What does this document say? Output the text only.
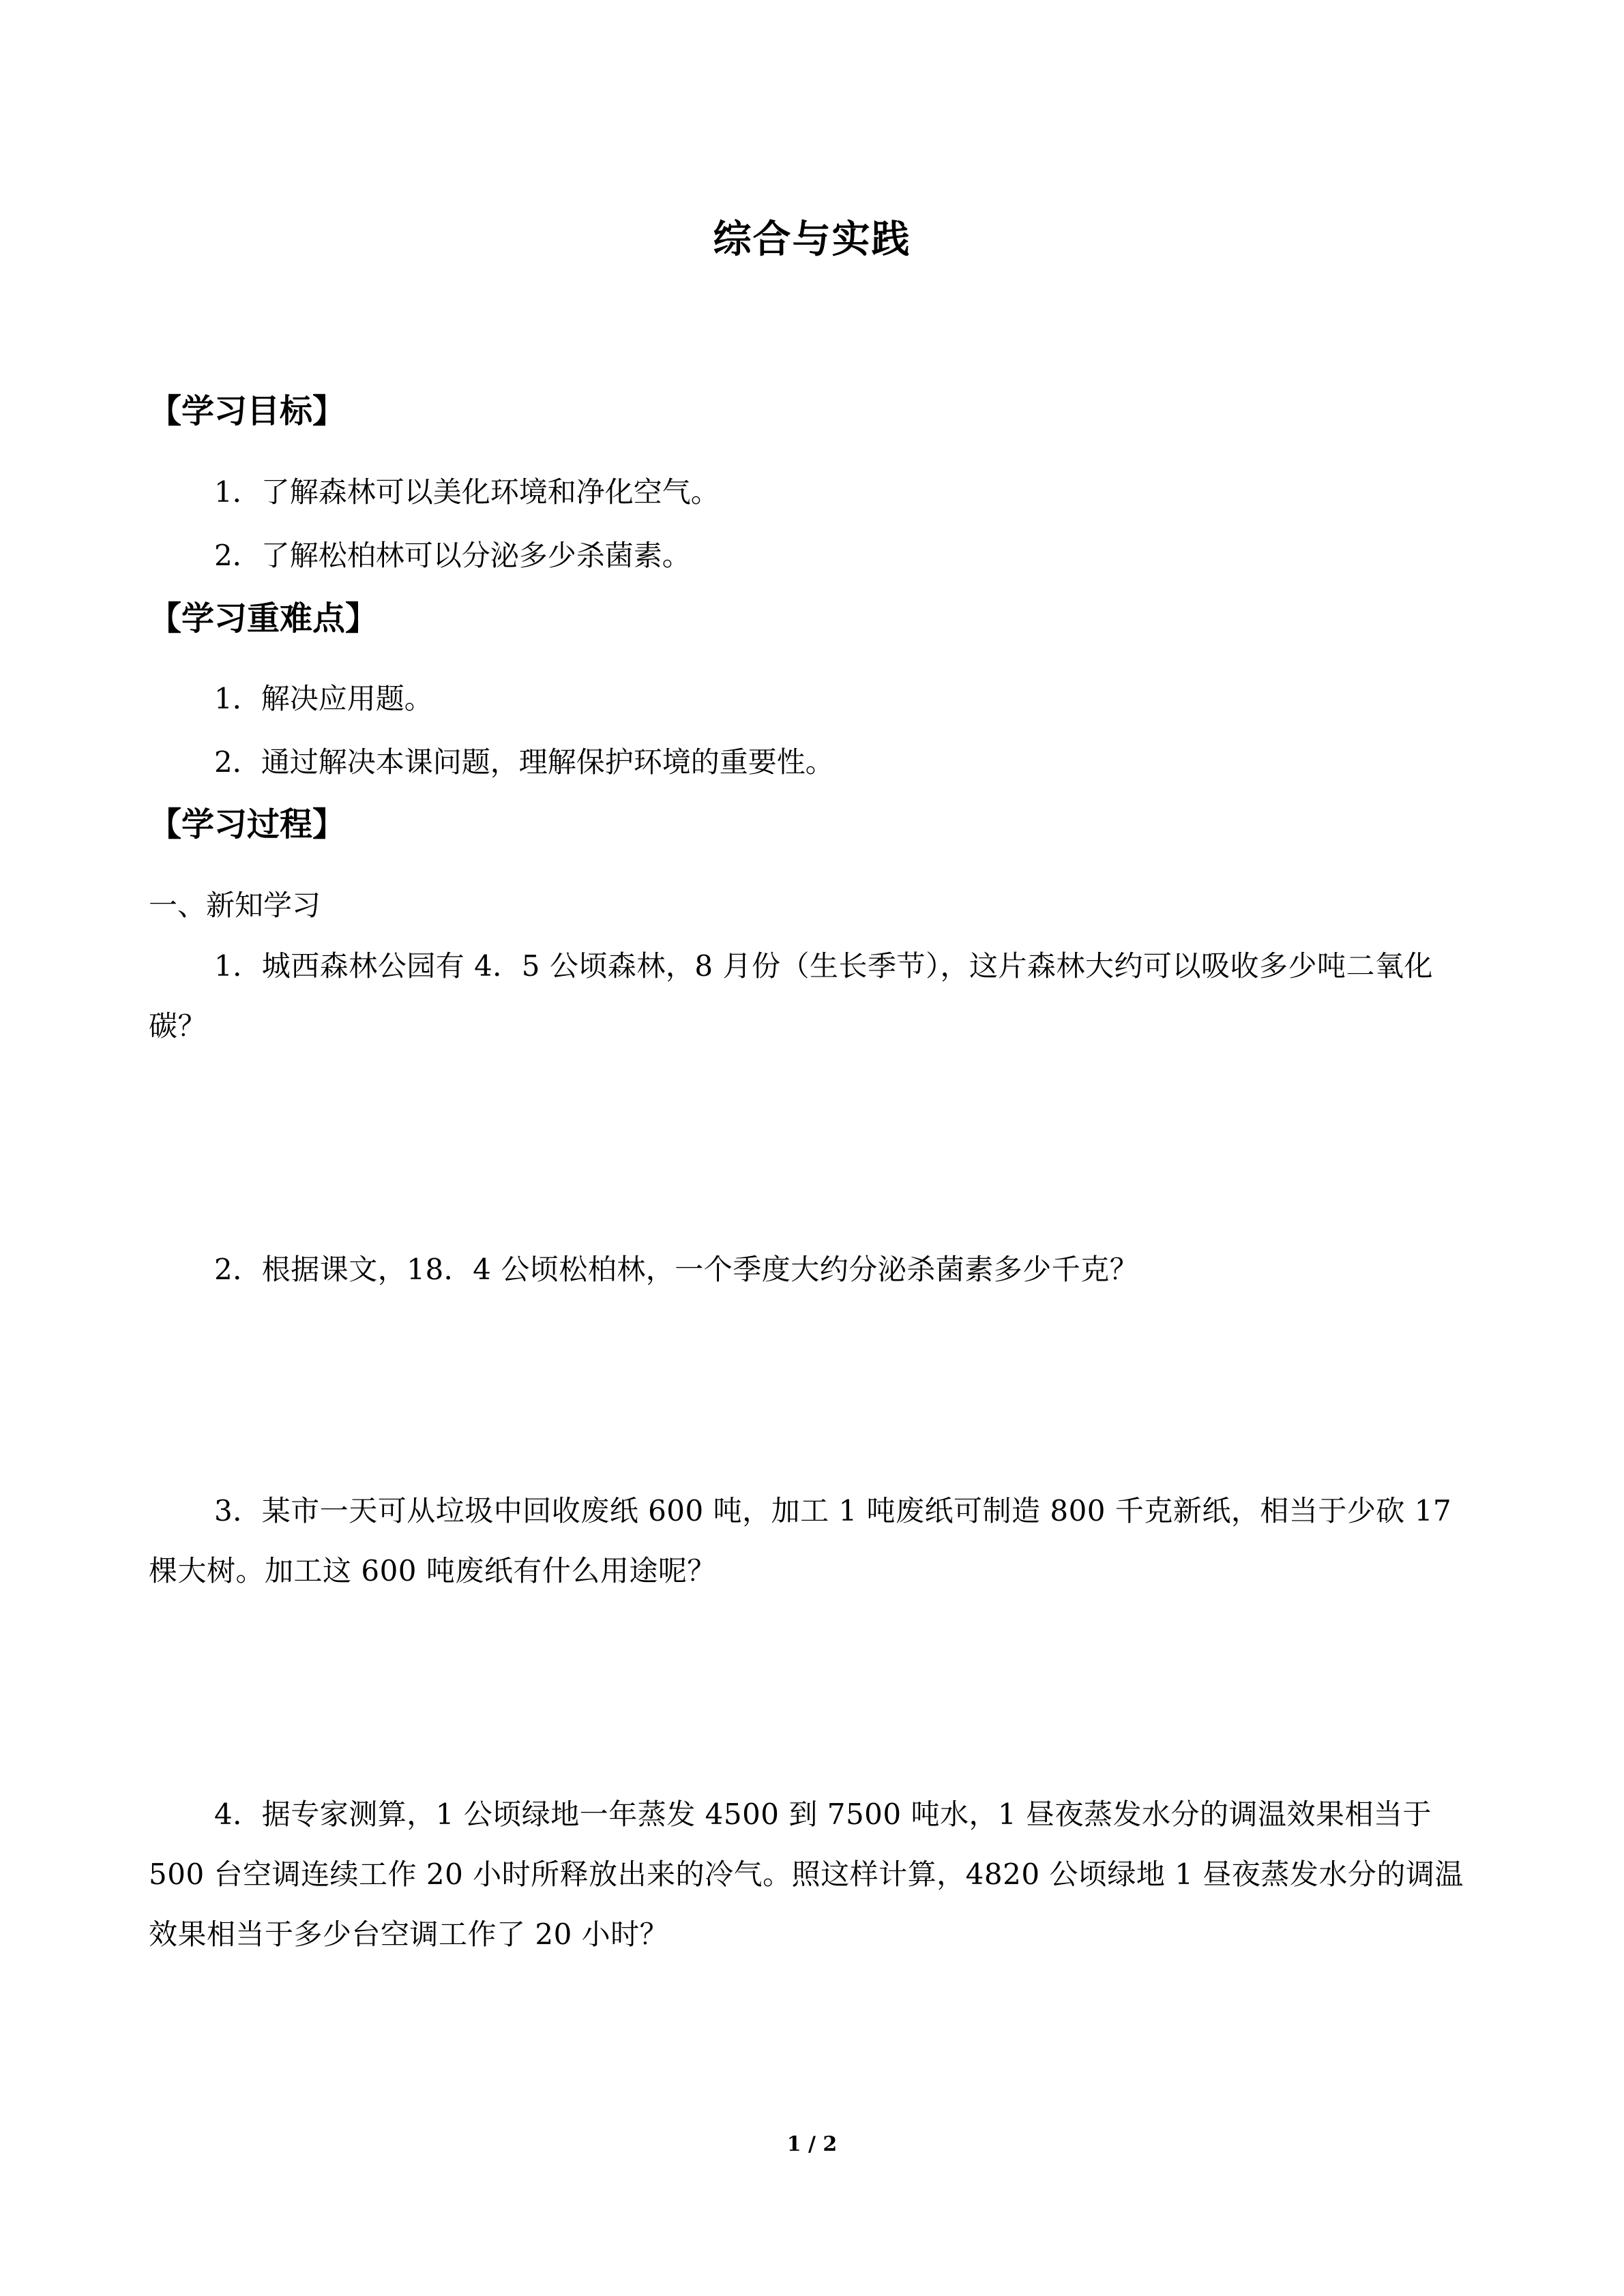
综合与实践
【学习目标】
1．了解森林可以美化环境和净化空气。
2．了解松柏林可以分泌多少杀菌素。
【学习重难点】
1．解决应用题。
2．通过解决本课问题，理解保护环境的重要性。
【学习过程】
一、新知学习
1．城西森林公园有 4．5 公顷森林，8 月份（生长季节），这片森林大约可以吸收多少吨二氧化碳？
2．根据课文，18．4 公顷松柏林，一个季度大约分泌杀菌素多少千克？
3．某市一天可从垃圾中回收废纸 600 吨，加工 1 吨废纸可制造 800 千克新纸，相当于少砍 17 棵大树。加工这 600 吨废纸有什么用途呢？
4．据专家测算，1 公顷绿地一年蒸发 4500 到 7500 吨水，1 昼夜蒸发水分的调温效果相当于 500 台空调连续工作 20 小时所释放出来的冷气。照这样计算，4820 公顷绿地 1 昼夜蒸发水分的调温效果相当于多少台空调工作了 20 小时？
1 / 2
